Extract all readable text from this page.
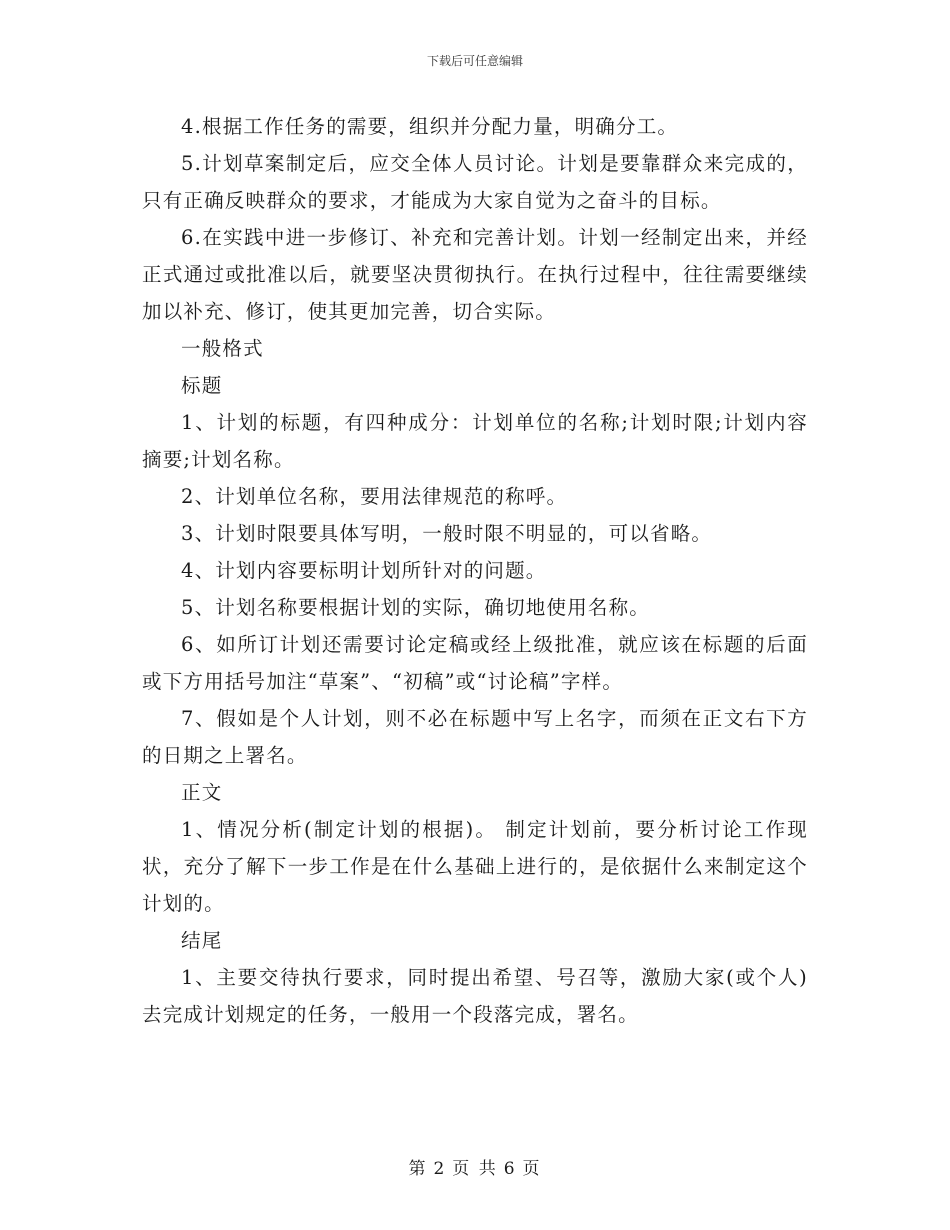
下载后可任意编辑

4.根据工作任务的需要，组织并分配力量，明确分工。

5.计划草案制定后，应交全体人员讨论。计划是要靠群众来完成的，只有正确反映群众的要求，才能成为大家自觉为之奋斗的目标。

6.在实践中进一步修订、补充和完善计划。计划一经制定出来，并经正式通过或批准以后，就要坚决贯彻执行。在执行过程中，往往需要继续加以补充、修订，使其更加完善，切合实际。

一般格式

标题

1、计划的标题，有四种成分：计划单位的名称;计划时限;计划内容摘要;计划名称。

2、计划单位名称，要用法律规范的称呼。

3、计划时限要具体写明，一般时限不明显的，可以省略。

4、计划内容要标明计划所针对的问题。

5、计划名称要根据计划的实际，确切地使用名称。

6、如所订计划还需要讨论定稿或经上级批准，就应该在标题的后面或下方用括号加注“草案”、“初稿”或“讨论稿”字样。

7、假如是个人计划，则不必在标题中写上名字，而须在正文右下方的日期之上署名。

正文

1、情况分析(制定计划的根据)。 制定计划前，要分析讨论工作现状，充分了解下一步工作是在什么基础上进行的，是依据什么来制定这个计划的。

结尾

1、主要交待执行要求，同时提出希望、号召等，激励大家(或个人)去完成计划规定的任务，一般用一个段落完成，署名。

第 2 页 共 6 页
